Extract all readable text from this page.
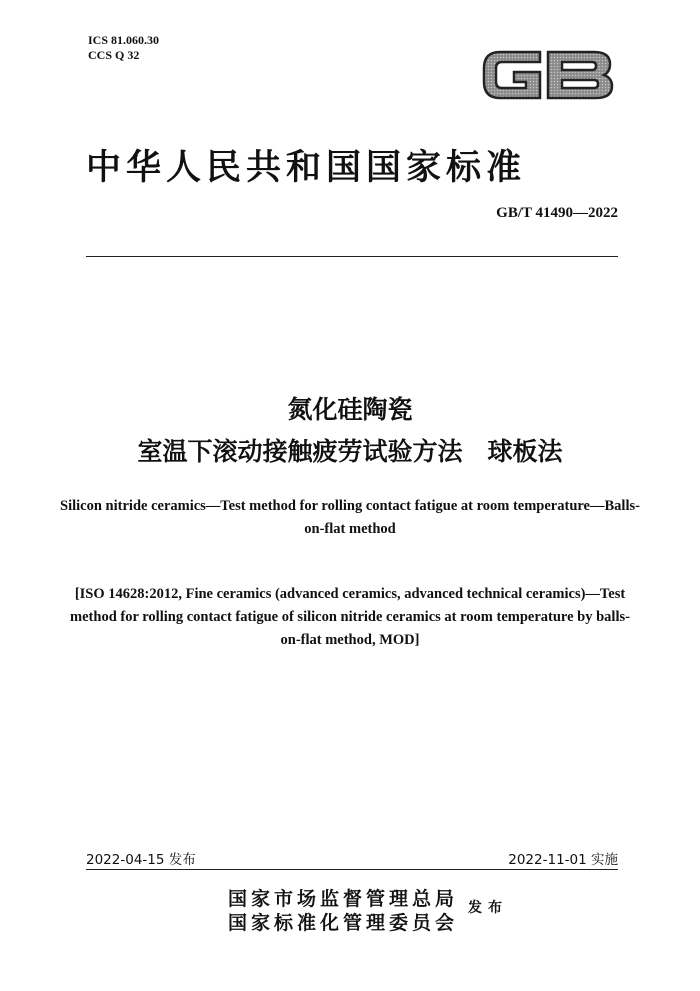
ICS 81.060.30
CCS Q 32
中华人民共和国国家标准
GB/T 41490—2022
氮化硅陶瓷
室温下滚动接触疲劳试验方法　球板法
Silicon nitride ceramics—Test method for rolling contact fatigue at room temperature—Balls-on-flat method
[ISO 14628:2012, Fine ceramics (advanced ceramics, advanced technical ceramics)—Test method for rolling contact fatigue of silicon nitride ceramics at room temperature by balls-on-flat method, MOD]
2022-04-15 发布	2022-11-01 实施
国家市场监督管理总局
国家标准化管理委员会
发布
